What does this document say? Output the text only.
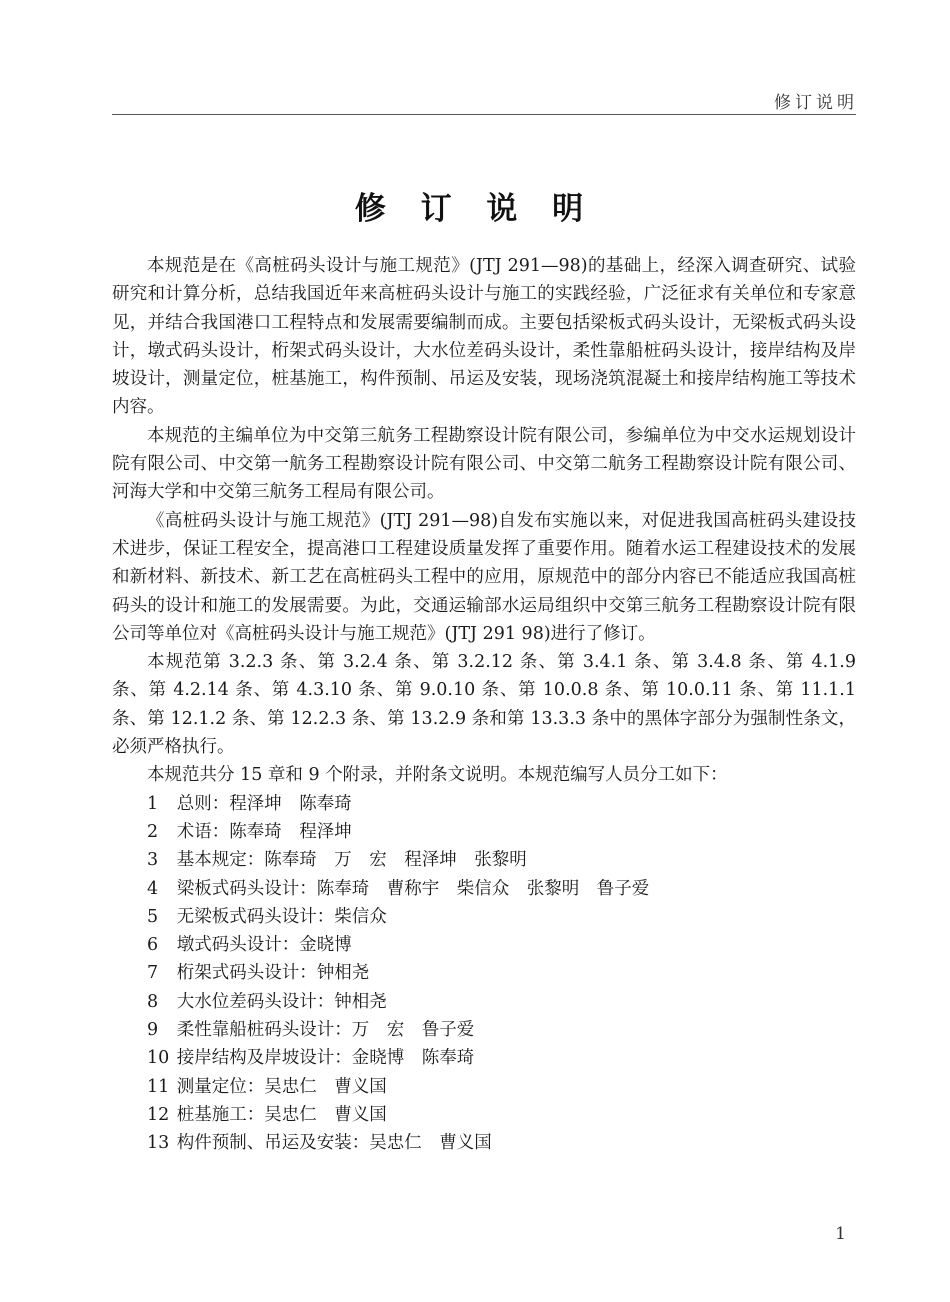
修订说明
修 订 说 明

本规范是在《高桩码头设计与施工规范》(JTJ 291—98)的基础上，经深入调查研究、试验研究和计算分析，总结我国近年来高桩码头设计与施工的实践经验，广泛征求有关单位和专家意见，并结合我国港口工程特点和发展需要编制而成。主要包括梁板式码头设计，无梁板式码头设计，墩式码头设计，桁架式码头设计，大水位差码头设计，柔性靠船桩码头设计，接岸结构及岸坡设计，测量定位，桩基施工，构件预制、吊运及安装，现场浇筑混凝土和接岸结构施工等技术内容。

本规范的主编单位为中交第三航务工程勘察设计院有限公司，参编单位为中交水运规划设计院有限公司、中交第一航务工程勘察设计院有限公司、中交第二航务工程勘察设计院有限公司、河海大学和中交第三航务工程局有限公司。

《高桩码头设计与施工规范》(JTJ 291—98)自发布实施以来，对促进我国高桩码头建设技术进步，保证工程安全，提高港口工程建设质量发挥了重要作用。随着水运工程建设技术的发展和新材料、新技术、新工艺在高桩码头工程中的应用，原规范中的部分内容已不能适应我国高桩码头的设计和施工的发展需要。为此，交通运输部水运局组织中交第三航务工程勘察设计院有限公司等单位对《高桩码头设计与施工规范》(JTJ 291 98)进行了修订。

本规范第 3.2.3 条、第 3.2.4 条、第 3.2.12 条、第 3.4.1 条、第 3.4.8 条、第 4.1.9 条、第 4.2.14 条、第 4.3.10 条、第 9.0.10 条、第 10.0.8 条、第 10.0.11 条、第 11.1.1 条、第 12.1.2 条、第 12.2.3 条、第 13.2.9 条和第 13.3.3 条中的黑体字部分为强制性条文，必须严格执行。

本规范共分 15 章和 9 个附录，并附条文说明。本规范编写人员分工如下：

1 总则：程泽坤　陈奉琦
2 术语：陈奉琦　程泽坤
3 基本规定：陈奉琦　万　宏　程泽坤　张黎明
4 梁板式码头设计：陈奉琦　曹称宇　柴信众　张黎明　鲁子爱
5 无梁板式码头设计：柴信众
6 墩式码头设计：金晓博
7 桁架式码头设计：钟相尧
8 大水位差码头设计：钟相尧
9 柔性靠船桩码头设计：万　宏　鲁子爱
10 接岸结构及岸坡设计：金晓博　陈奉琦
11 测量定位：吴忠仁　曹义国
12 桩基施工：吴忠仁　曹义国
13 构件预制、吊运及安装：吴忠仁　曹义国
1
